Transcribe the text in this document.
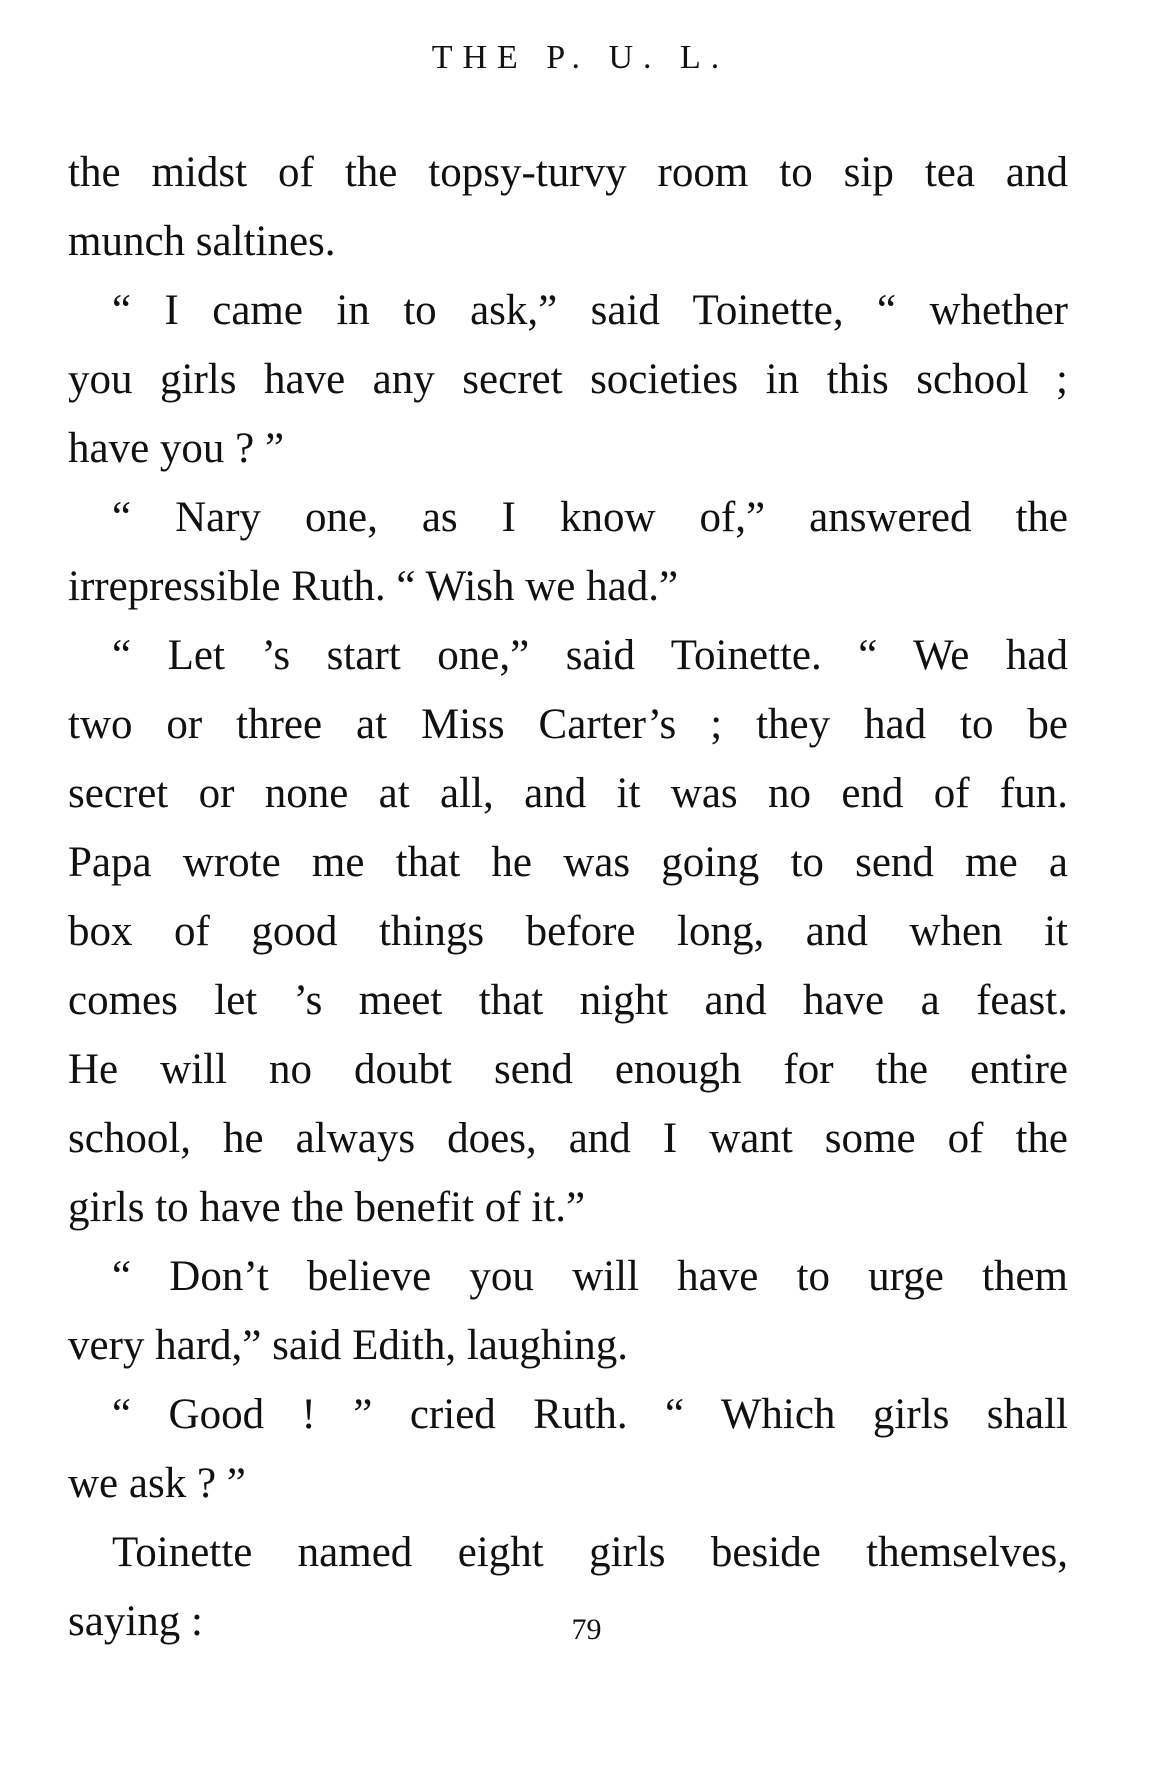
THE P. U. L.
the midst of the topsy-turvy room to sip tea and
munch saltines.
“ I came in to ask,” said Toinette, “ whether
you girls have any secret societies in this school ;
have you ? ”
“ Nary one, as I know of,” answered the
irrepressible Ruth. “ Wish we had.”
“ Let ’s start one,” said Toinette. “ We had
two or three at Miss Carter’s ; they had to be
secret or none at all, and it was no end of fun.
Papa wrote me that he was going to send me a
box of good things before long, and when it
comes let ’s meet that night and have a feast.
He will no doubt send enough for the entire
school, he always does, and I want some of the
girls to have the benefit of it.”
“ Don’t believe you will have to urge them
very hard,” said Edith, laughing.
“ Good ! ” cried Ruth. “ Which girls shall
we ask ? ”
Toinette named eight girls beside themselves,
saying :	79
